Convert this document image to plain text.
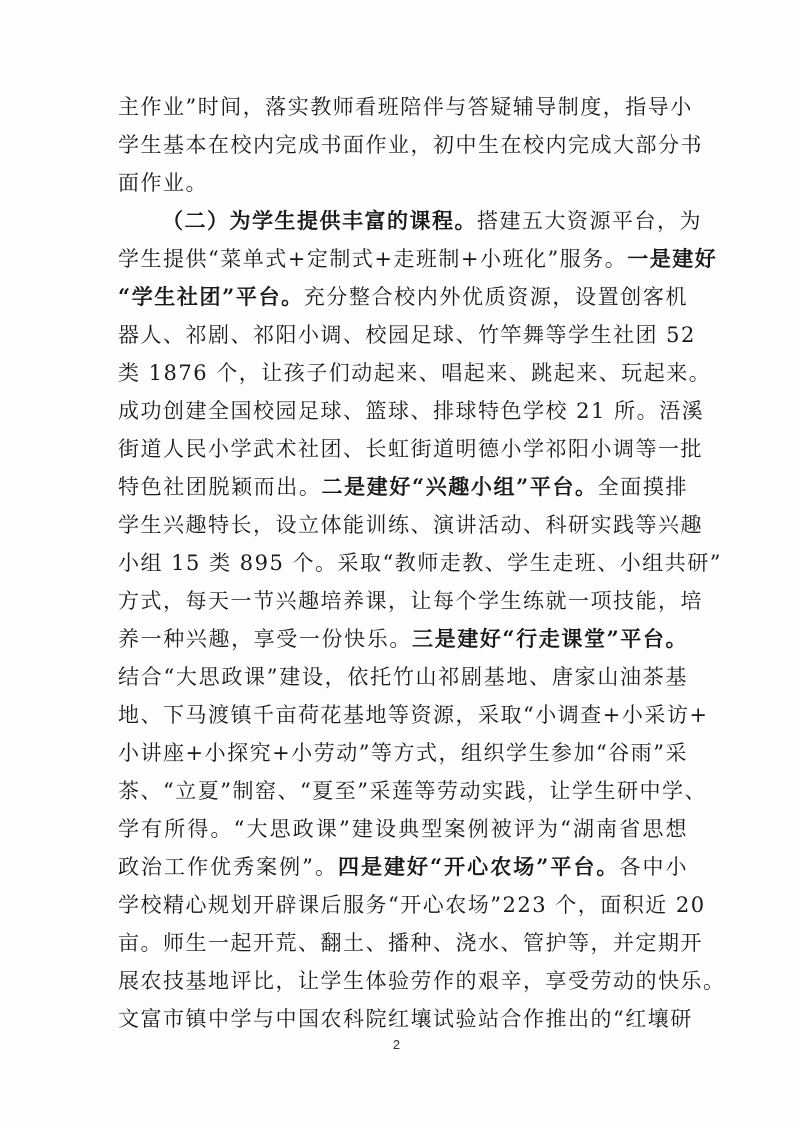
主作业”时间，落实教师看班陪伴与答疑辅导制度，指导小
学生基本在校内完成书面作业，初中生在校内完成大部分书
面作业。
（二）为学生提供丰富的课程。搭建五大资源平台，为
学生提供“菜单式+定制式+走班制+小班化”服务。一是建好
“学生社团”平台。充分整合校内外优质资源，设置创客机
器人、祁剧、祁阳小调、校园足球、竹竿舞等学生社团 52
类 1876 个，让孩子们动起来、唱起来、跳起来、玩起来。
成功创建全国校园足球、篮球、排球特色学校 21 所。浯溪
街道人民小学武术社团、长虹街道明德小学祁阳小调等一批
特色社团脱颖而出。二是建好“兴趣小组”平台。全面摸排
学生兴趣特长，设立体能训练、演讲活动、科研实践等兴趣
小组 15 类 895 个。采取“教师走教、学生走班、小组共研”
方式，每天一节兴趣培养课，让每个学生练就一项技能，培
养一种兴趣，享受一份快乐。三是建好“行走课堂”平台。
结合“大思政课”建设，依托竹山祁剧基地、唐家山油茶基
地、下马渡镇千亩荷花基地等资源，采取“小调查+小采访+
小讲座+小探究+小劳动”等方式，组织学生参加“谷雨”采
茶、“立夏”制窑、“夏至”采莲等劳动实践，让学生研中学、
学有所得。“大思政课”建设典型案例被评为“湖南省思想
政治工作优秀案例”。四是建好“开心农场”平台。各中小
学校精心规划开辟课后服务“开心农场”223 个，面积近 20
亩。师生一起开荒、翻土、播种、浇水、管护等，并定期开
展农技基地评比，让学生体验劳作的艰辛，享受劳动的快乐。
文富市镇中学与中国农科院红壤试验站合作推出的“红壤研
2
